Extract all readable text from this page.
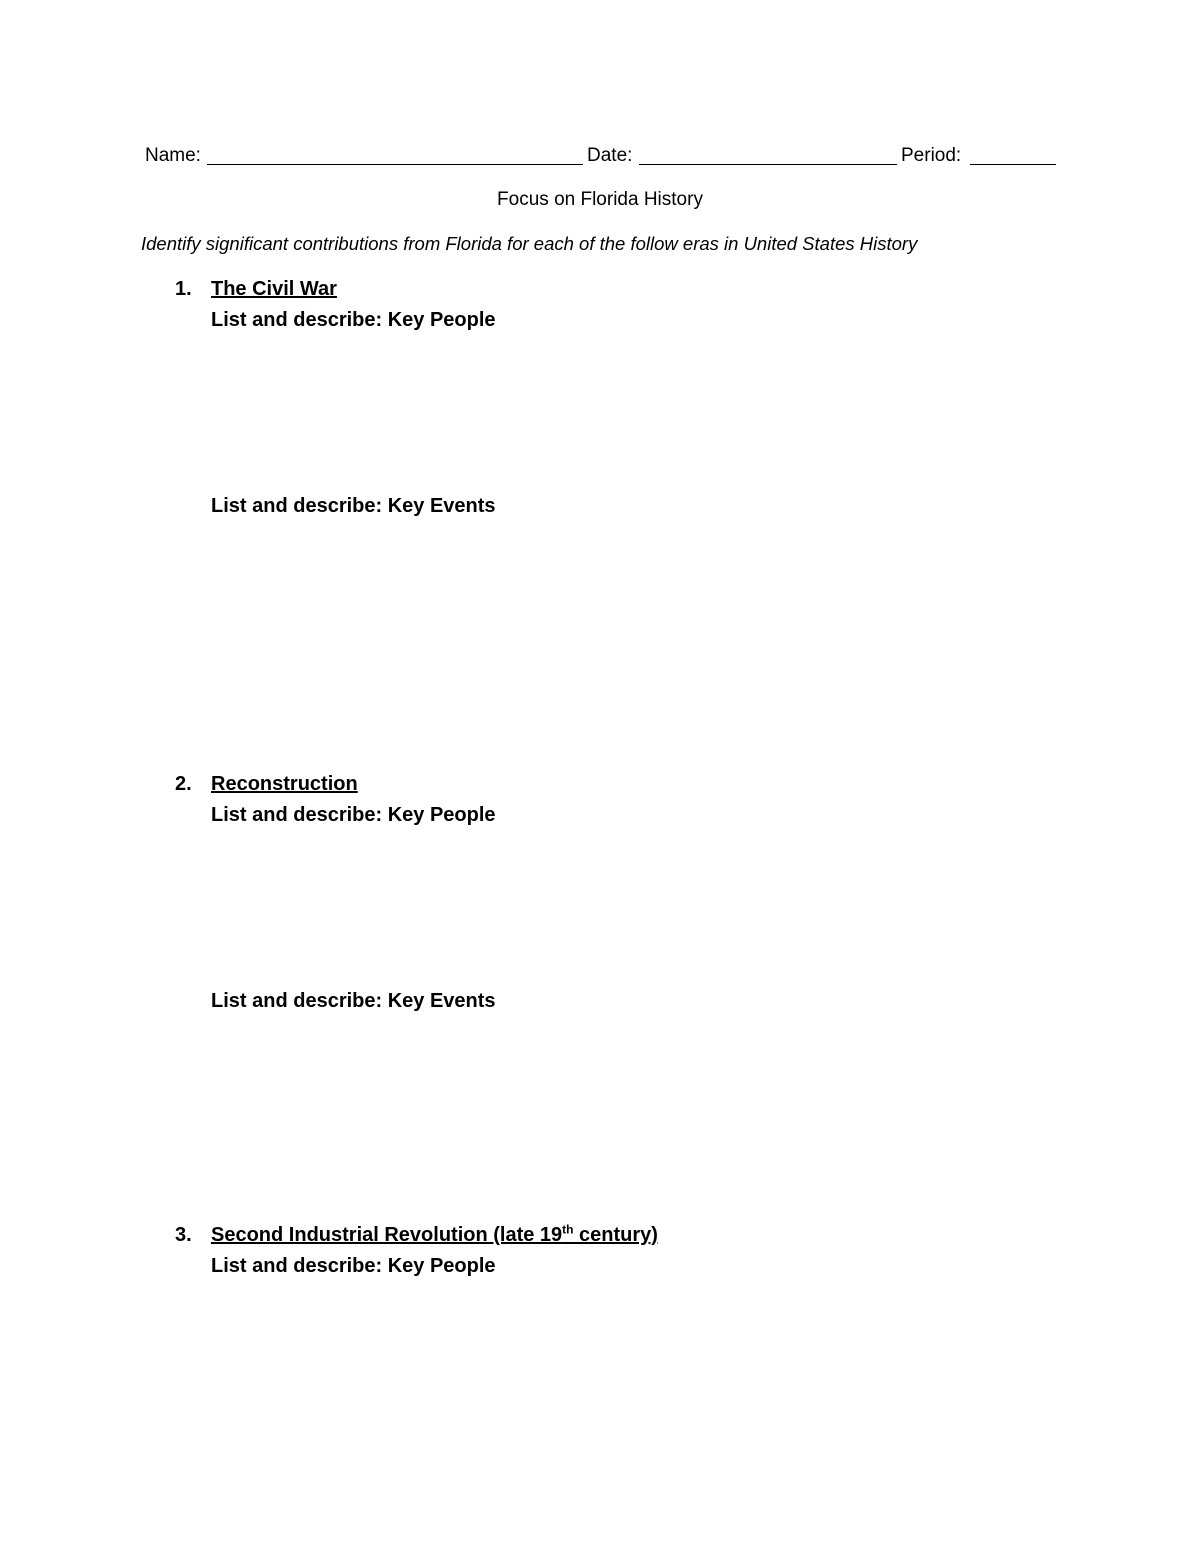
Name:	Date:	Period:
Focus on Florida History
Identify significant contributions from Florida for each of the follow eras in United States History
1. The Civil War
List and describe: Key People
List and describe: Key Events
2. Reconstruction
List and describe: Key People
List and describe: Key Events
3. Second Industrial Revolution (late 19th century)
List and describe: Key People
